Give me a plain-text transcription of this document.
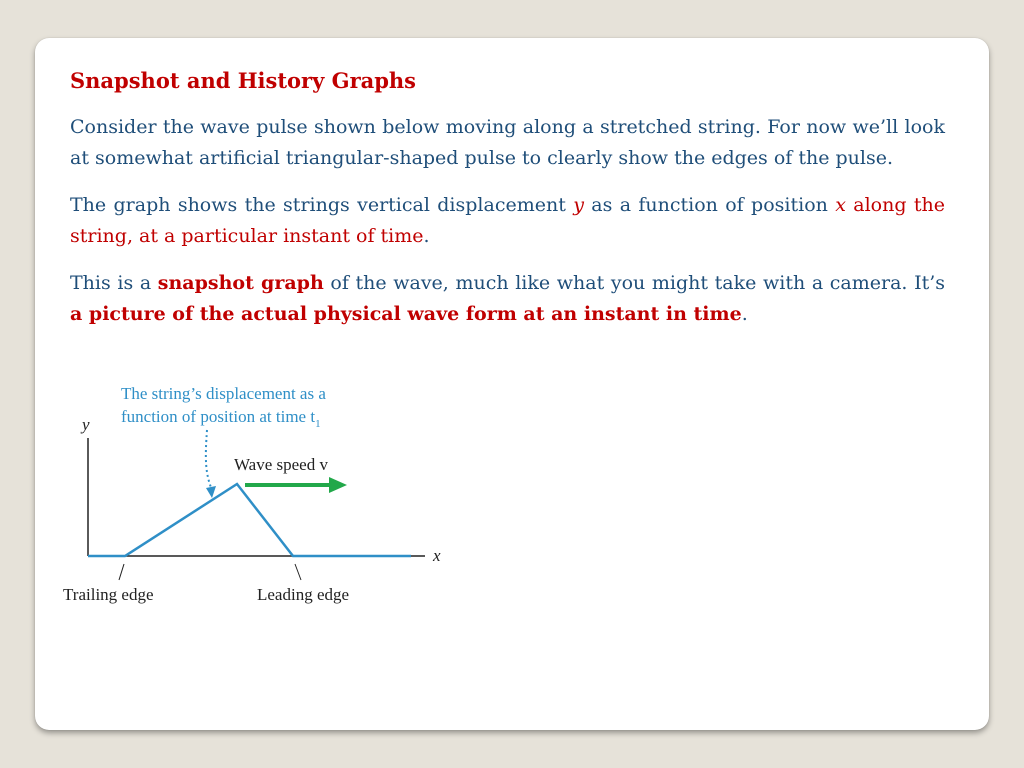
Snapshot and History Graphs

Consider the wave pulse shown below moving along a stretched string. For now we’ll look at somewhat artificial triangular-shaped pulse to clearly show the edges of the pulse.

The graph shows the strings vertical displacement y as a function of position x along the string, at a particular instant of time.

This is a snapshot graph of the wave, much like what you might take with a camera. It’s a picture of the actual physical wave form at an instant in time.

The string’s displacement as a
function of position at time $t_1$
y
x
Wave speed v
Trailing edge	Leading edge
